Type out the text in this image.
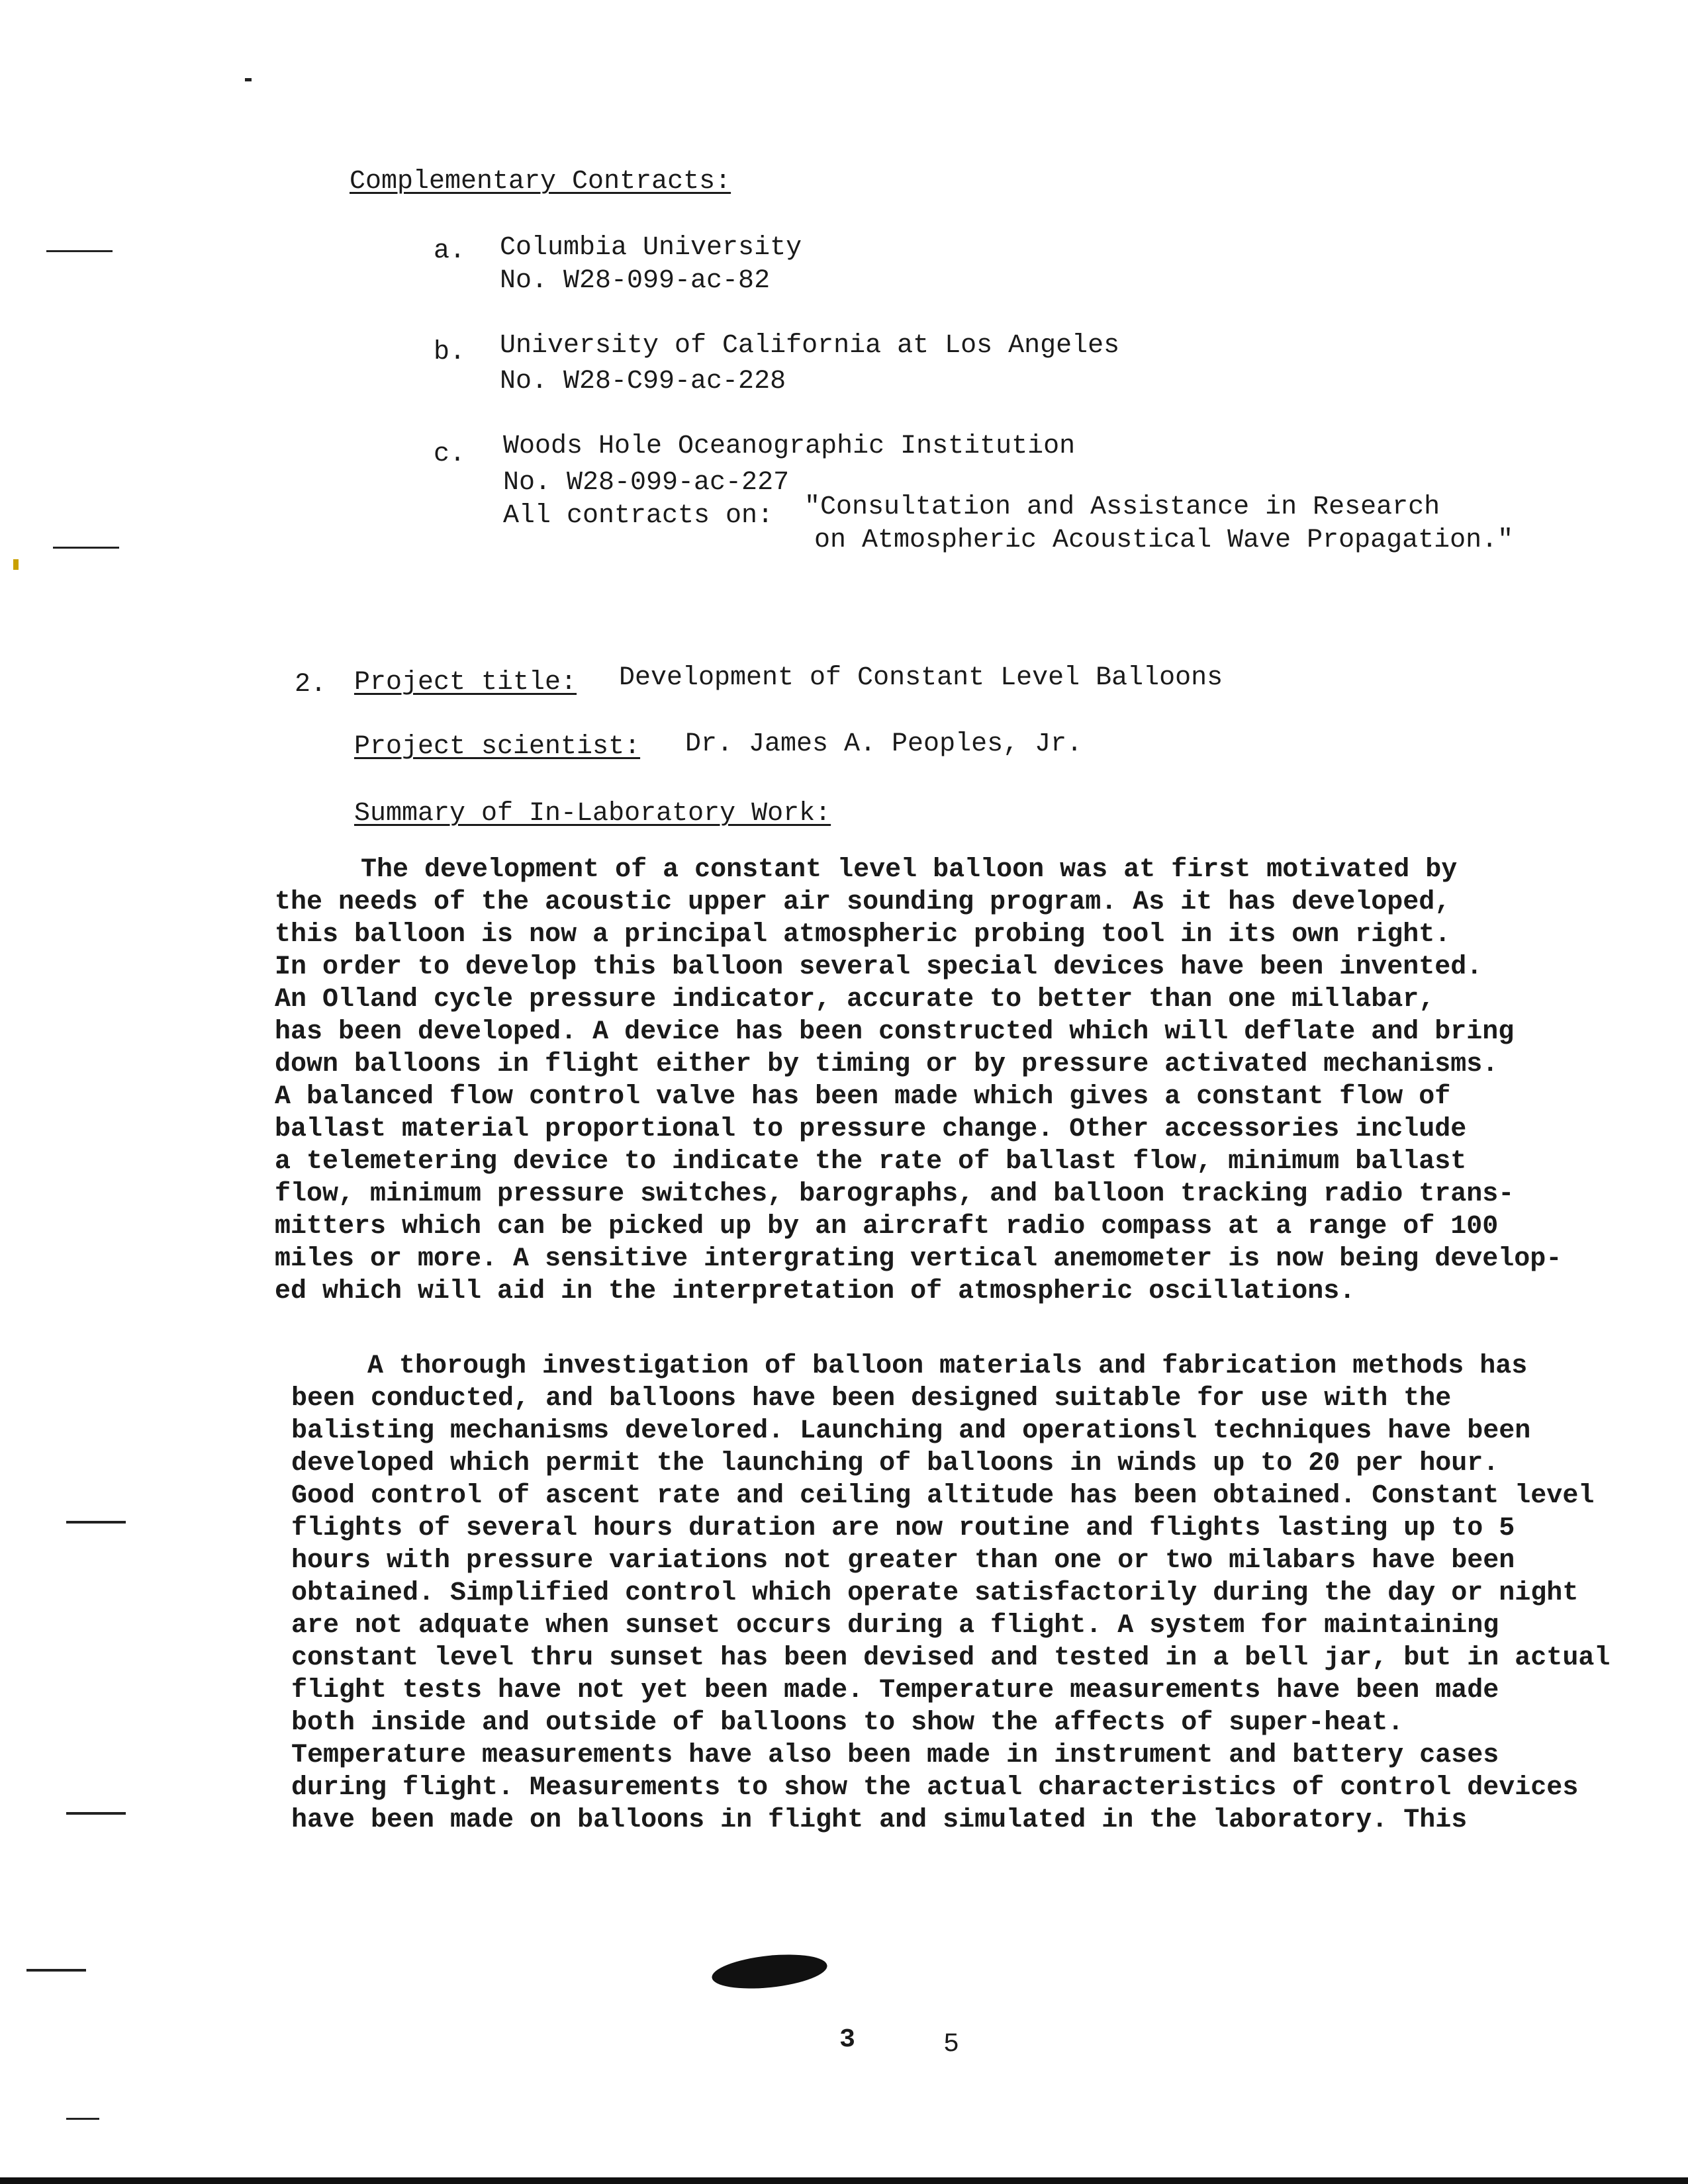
Complementary Contracts:
a. Columbia University
No. W28-099-ac-82
b. University of California at Los Angeles
No. W28-C99-ac-228
c. Woods Hole Oceanographic Institution
No. W28-099-ac-227
All contracts on: "Consultation and Assistance in Research
on Atmospheric Acoustical Wave Propagation."
2. Project title: Development of Constant Level Balloons
Project scientist: Dr. James A. Peoples, Jr.
Summary of In-Laboratory Work:
The development of a constant level balloon was at first motivated by
the needs of the acoustic upper air sounding program. As it has developed,
this balloon is now a principal atmospheric probing tool in its own right.
In order to develop this balloon several special devices have been invented.
An Olland cycle pressure indicator, accurate to better than one millabar,
has been developed. A device has been constructed which will deflate and bring
down balloons in flight either by timing or by pressure activated mechanisms.
A balanced flow control valve has been made which gives a constant flow of
ballast material proportional to pressure change. Other accessories include
a telemetering device to indicate the rate of ballast flow, minimum ballast
flow, minimum pressure switches, barographs, and balloon tracking radio trans-
mitters which can be picked up by an aircraft radio compass at a range of 100
miles or more. A sensitive intergrating vertical anemometer is now being develop-
ed which will aid in the interpretation of atmospheric oscillations.
A thorough investigation of balloon materials and fabrication methods has
been conducted, and balloons have been designed suitable for use with the
balisting mechanisms develored. Launching and operationsl techniques have been
developed which permit the launching of balloons in winds up to 20 per hour.
Good control of ascent rate and ceiling altitude has been obtained. Constant level
flights of several hours duration are now routine and flights lasting up to 5
hours with pressure variations not greater than one or two milabars have been
obtained. Simplified control which operate satisfactorily during the day or night
are not adquate when sunset occurs during a flight. A system for maintaining
constant level thru sunset has been devised and tested in a bell jar, but in actual
flight tests have not yet been made. Temperature measurements have been made
both inside and outside of balloons to show the affects of super-heat.
Temperature measurements have also been made in instrument and battery cases
during flight. Measurements to show the actual characteristics of control devices
have been made on balloons in flight and simulated in the laboratory. This
3	5
